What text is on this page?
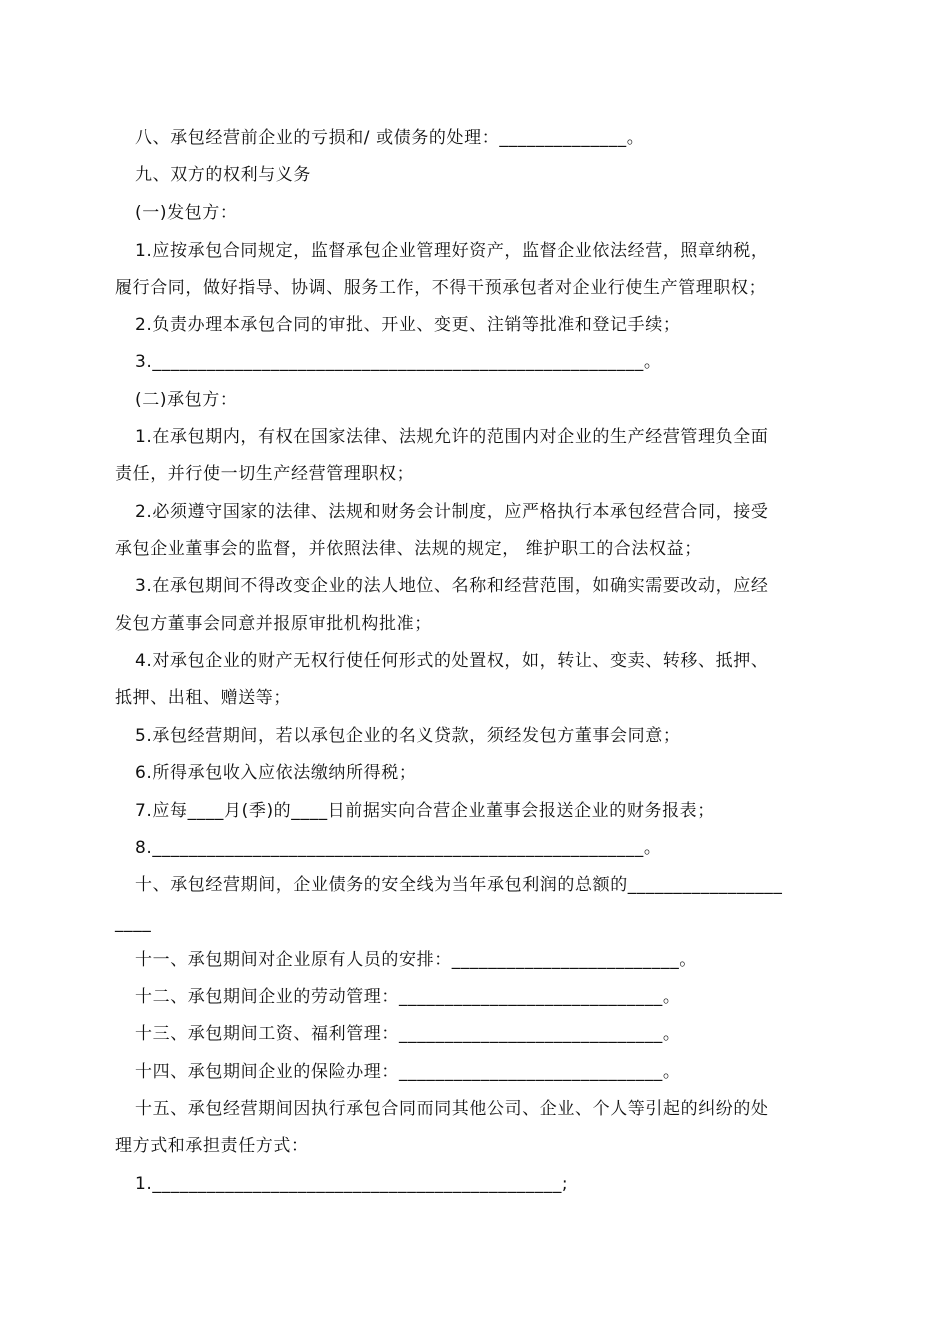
八、承包经营前企业的亏损和/ 或债务的处理：______________。
九、双方的权利与义务
(一)发包方：
1.应按承包合同规定，监督承包企业管理好资产，监督企业依法经营，照章纳税，
履行合同，做好指导、协调、服务工作，不得干预承包者对企业行使生产管理职权；
2.负责办理本承包合同的审批、开业、变更、注销等批准和登记手续；
3.______________________________________________________。
(二)承包方：
1.在承包期内，有权在国家法律、法规允许的范围内对企业的生产经营管理负全面
责任，并行使一切生产经营管理职权；
2.必须遵守国家的法律、法规和财务会计制度，应严格执行本承包经营合同，接受
承包企业董事会的监督，并依照法律、法规的规定， 维护职工的合法权益；
3.在承包期间不得改变企业的法人地位、名称和经营范围，如确实需要改动，应经
发包方董事会同意并报原审批机构批准；
4.对承包企业的财产无权行使任何形式的处置权，如，转让、变卖、转移、抵押、
抵押、出租、赠送等；
5.承包经营期间，若以承包企业的名义贷款，须经发包方董事会同意；
6.所得承包收入应依法缴纳所得税；
7.应每____月(季)的____日前据实向合营企业董事会报送企业的财务报表；
8.______________________________________________________。
十、承包经营期间，企业债务的安全线为当年承包利润的总额的_________________
____
十一、承包期间对企业原有人员的安排：_________________________。
十二、承包期间企业的劳动管理：_____________________________。
十三、承包期间工资、福利管理：_____________________________。
十四、承包期间企业的保险办理：_____________________________。
十五、承包经营期间因执行承包合同而同其他公司、企业、个人等引起的纠纷的处
理方式和承担责任方式：
1._____________________________________________;
